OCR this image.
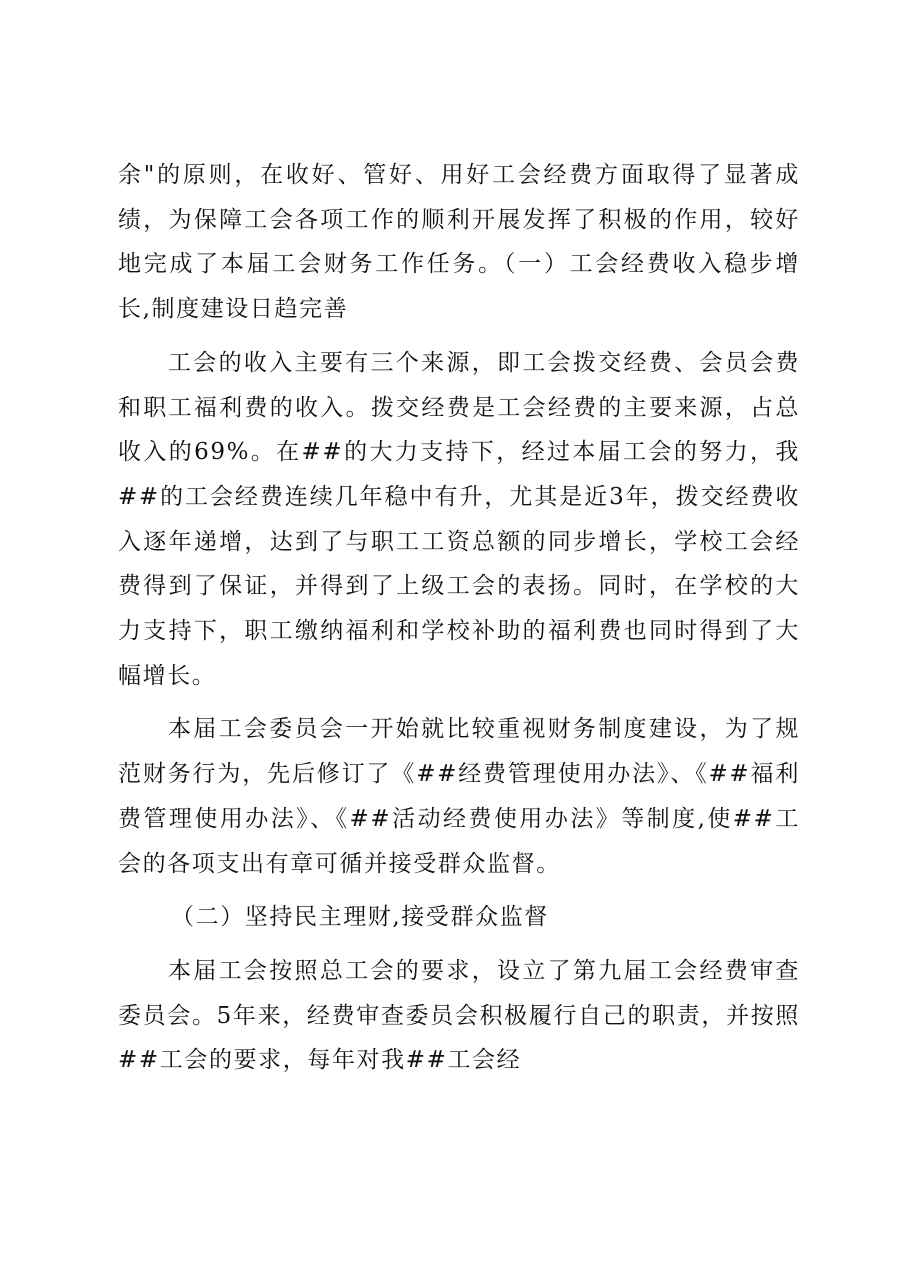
余"的原则，在收好、管好、用好工会经费方面取得了显著成绩，为保障工会各项工作的顺利开展发挥了积极的作用，较好地完成了本届工会财务工作任务。（一）工会经费收入稳步增长,制度建设日趋完善

工会的收入主要有三个来源，即工会拨交经费、会员会费和职工福利费的收入。拨交经费是工会经费的主要来源，占总收入的69%。在##的大力支持下，经过本届工会的努力，我##的工会经费连续几年稳中有升，尤其是近3年，拨交经费收入逐年递增，达到了与职工工资总额的同步增长，学校工会经费得到了保证，并得到了上级工会的表扬。同时，在学校的大力支持下，职工缴纳福利和学校补助的福利费也同时得到了大幅增长。

本届工会委员会一开始就比较重视财务制度建设，为了规范财务行为，先后修订了《##经费管理使用办法》、《##福利费管理使用办法》、《##活动经费使用办法》等制度,使##工会的各项支出有章可循并接受群众监督。

（二）坚持民主理财,接受群众监督

本届工会按照总工会的要求，设立了第九届工会经费审查委员会。5年来，经费审查委员会积极履行自己的职责，并按照##工会的要求，每年对我##工会经
